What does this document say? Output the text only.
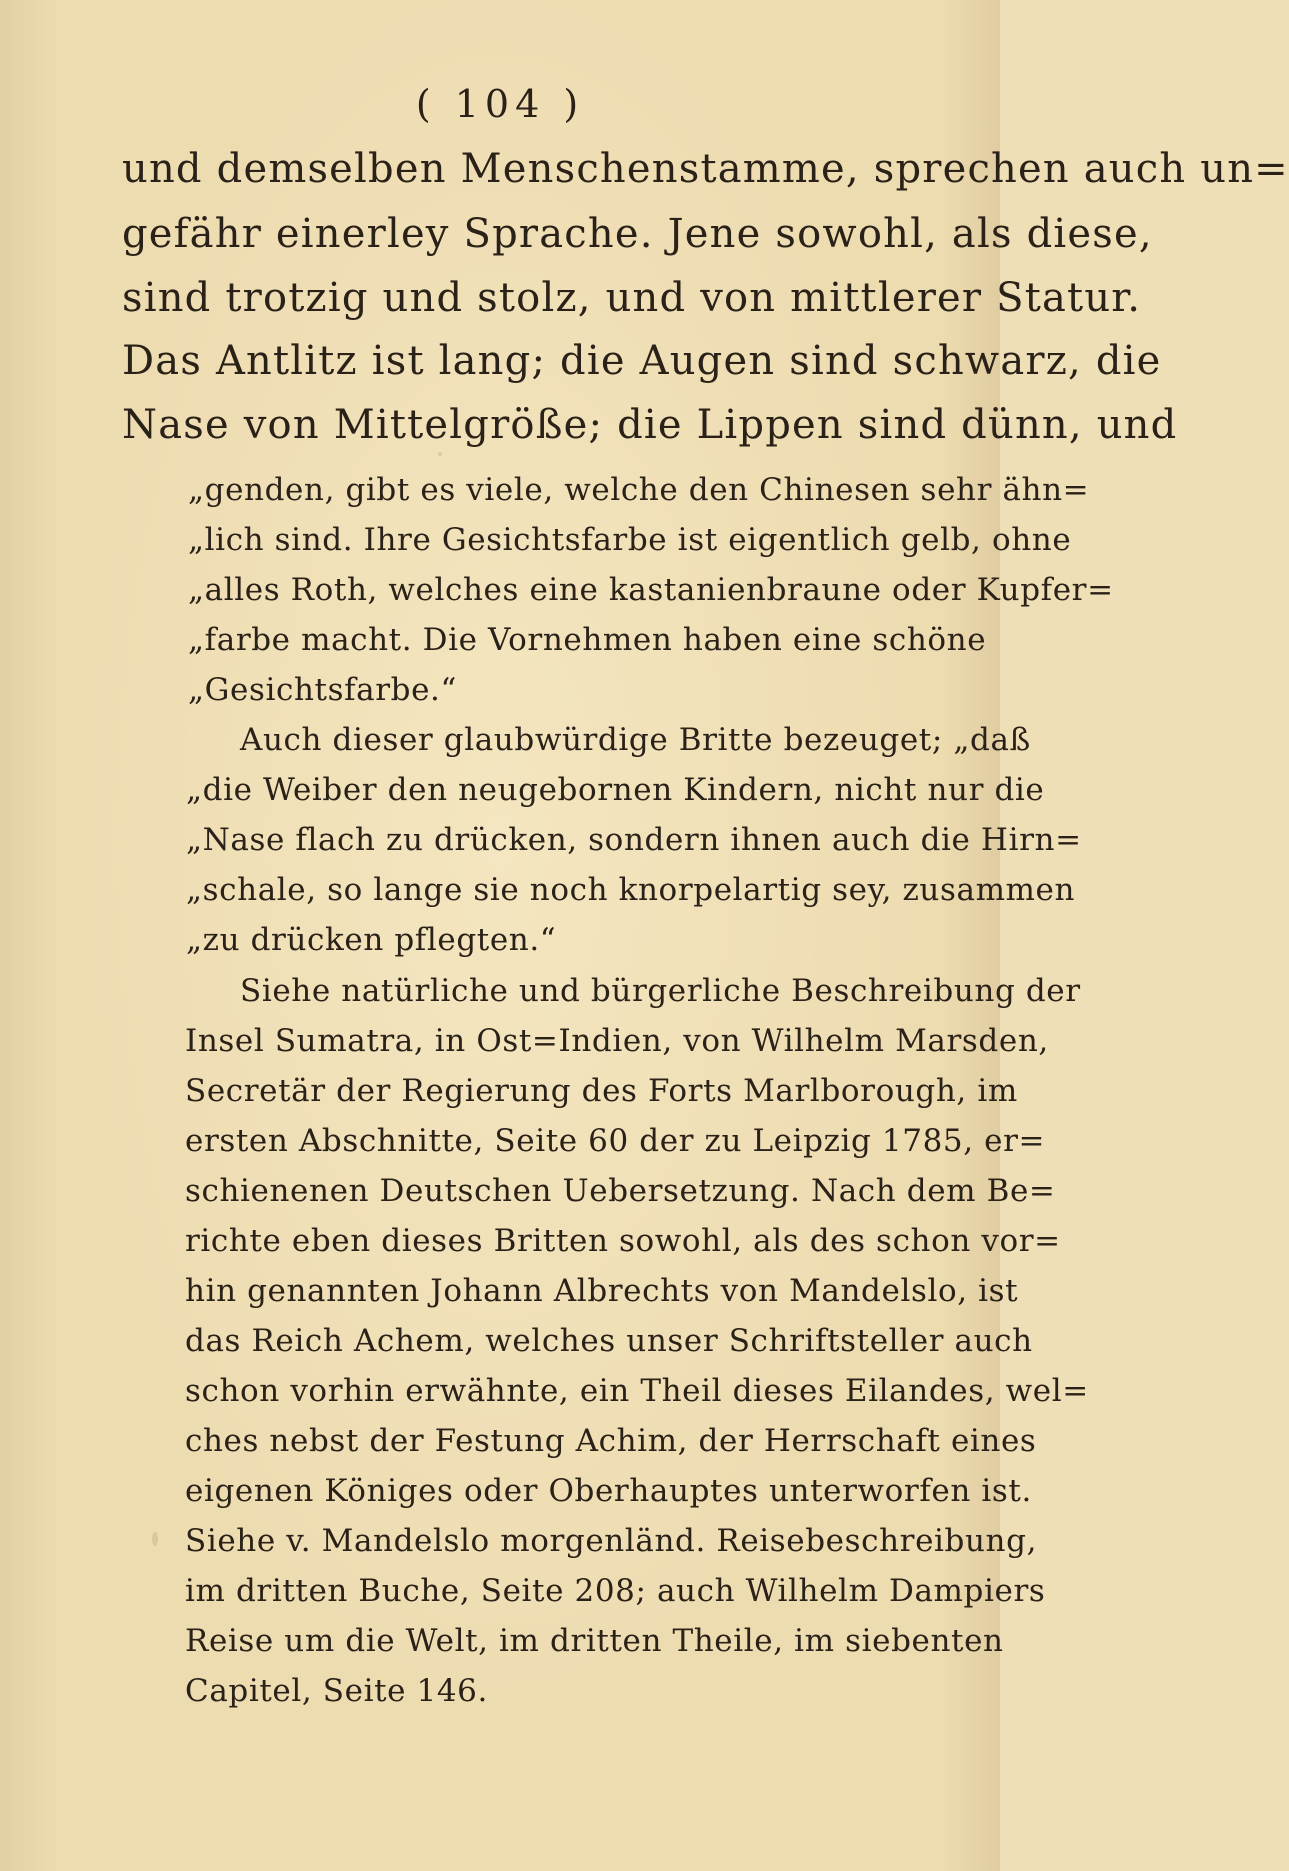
( 104 )
und demselben Menschenstamme, sprechen auch un=
gefähr einerley Sprache. Jene sowohl, als diese,
sind trotzig und stolz, und von mittlerer Statur.
Das Antlitz ist lang; die Augen sind schwarz, die
Nase von Mittelgröße; die Lippen sind dünn, und
„genden, gibt es viele, welche den Chinesen sehr ähn=
„lich sind. Ihre Gesichtsfarbe ist eigentlich gelb, ohne
„alles Roth, welches eine kastanienbraune oder Kupfer=
„farbe macht. Die Vornehmen haben eine schöne
„Gesichtsfarbe.“
Auch dieser glaubwürdige Britte bezeuget; „daß
„die Weiber den neugebornen Kindern, nicht nur die
„Nase flach zu drücken, sondern ihnen auch die Hirn=
„schale, so lange sie noch knorpelartig sey, zusammen
„zu drücken pflegten.“
Siehe natürliche und bürgerliche Beschreibung der
Insel Sumatra, in Ost=Indien, von Wilhelm Marsden,
Secretär der Regierung des Forts Marlborough, im
ersten Abschnitte, Seite 60 der zu Leipzig 1785, er=
schienenen Deutschen Uebersetzung. Nach dem Be=
richte eben dieses Britten sowohl, als des schon vor=
hin genannten Johann Albrechts von Mandelslo, ist
das Reich Achem, welches unser Schriftsteller auch
schon vorhin erwähnte, ein Theil dieses Eilandes, wel=
ches nebst der Festung Achim, der Herrschaft eines
eigenen Königes oder Oberhauptes unterworfen ist.
Siehe v. Mandelslo morgenländ. Reisebeschreibung,
im dritten Buche, Seite 208; auch Wilhelm Dampiers
Reise um die Welt, im dritten Theile, im siebenten
Capitel, Seite 146.
